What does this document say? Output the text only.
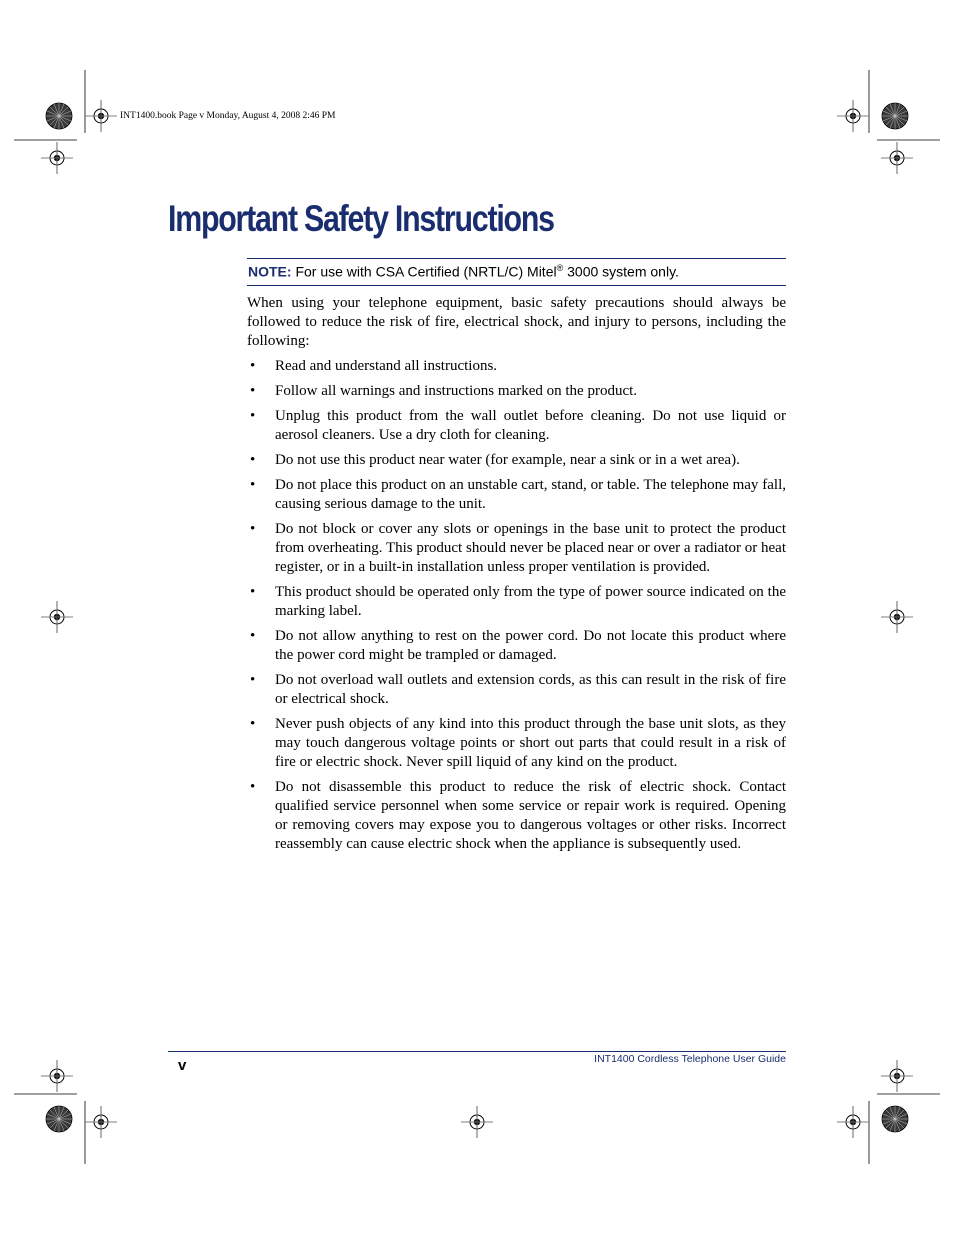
INT1400.book Page v Monday, August 4, 2008 2:46 PM
Important Safety Instructions
NOTE: For use with CSA Certified (NRTL/C) Mitel® 3000 system only.

When using your telephone equipment, basic safety precautions should always be followed to reduce the risk of fire, electrical shock, and injury to persons, including the following:

• Read and understand all instructions.
• Follow all warnings and instructions marked on the product.
• Unplug this product from the wall outlet before cleaning. Do not use liquid or aerosol cleaners. Use a dry cloth for cleaning.
• Do not use this product near water (for example, near a sink or in a wet area).
• Do not place this product on an unstable cart, stand, or table. The telephone may fall, causing serious damage to the unit.
• Do not block or cover any slots or openings in the base unit to protect the product from overheating. This product should never be placed near or over a radiator or heat register, or in a built-in installation unless proper ventilation is provided.
• This product should be operated only from the type of power source indicated on the marking label.
• Do not allow anything to rest on the power cord. Do not locate this product where the power cord might be trampled or damaged.
• Do not overload wall outlets and extension cords, as this can result in the risk of fire or electrical shock.
• Never push objects of any kind into this product through the base unit slots, as they may touch dangerous voltage points or short out parts that could result in a risk of fire or electric shock. Never spill liquid of any kind on the product.
• Do not disassemble this product to reduce the risk of electric shock. Contact qualified service personnel when some service or repair work is required. Opening or removing covers may expose you to dangerous voltages or other risks. Incorrect reassembly can cause electric shock when the appliance is subsequently used.
v	INT1400 Cordless Telephone User Guide
